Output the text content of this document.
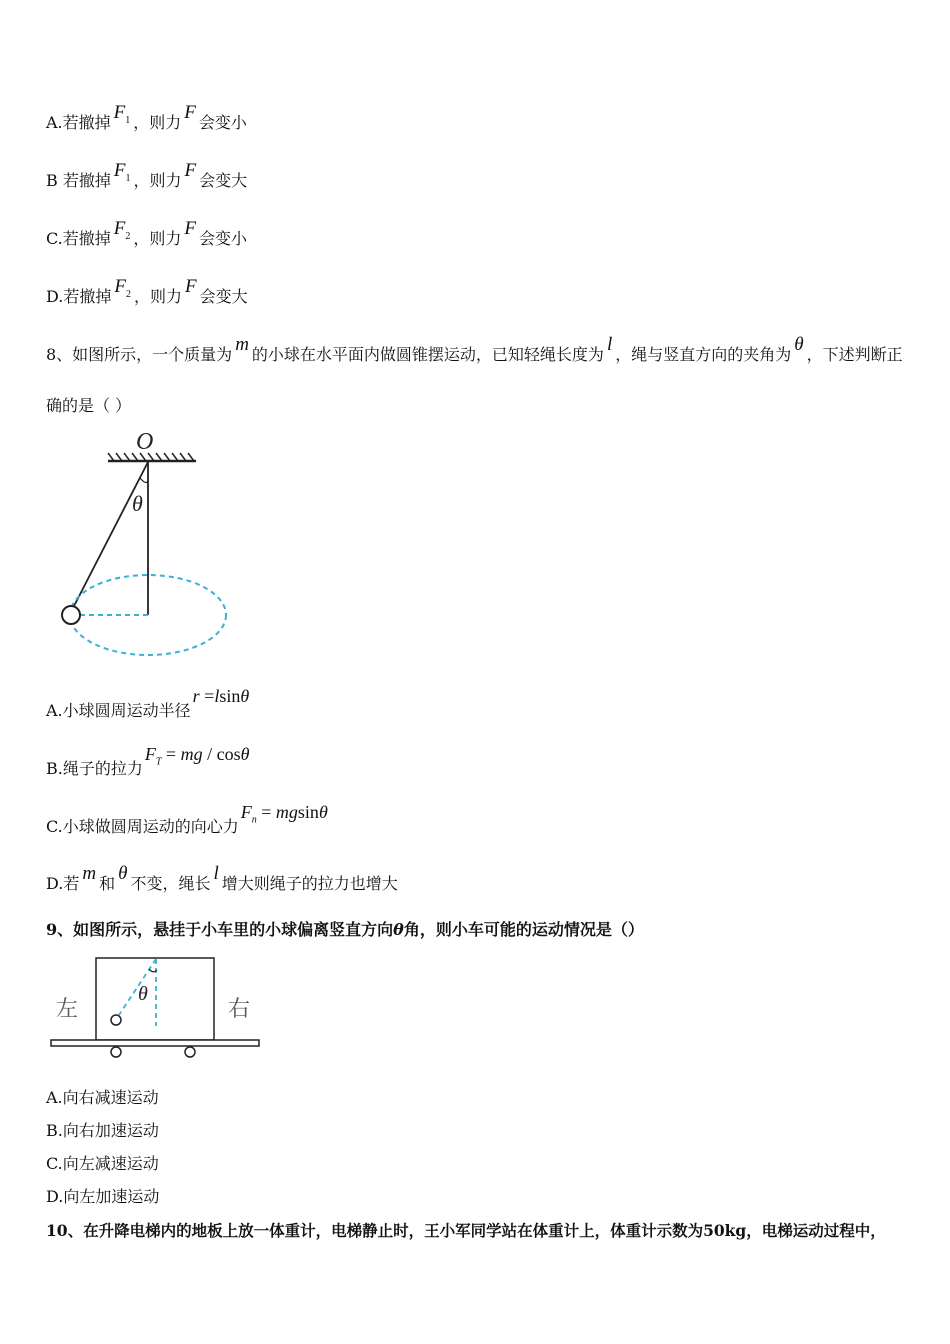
A.若撤掉 $F_1$ ，则力 F 会变小
B 若撤掉 $F_1$ ，则力 F 会变大
C.若撤掉 $F_2$ ，则力 F 会变小
D.若撤掉 $F_2$ ，则力 F 会变大
8、如图所示，一个质量为 m 的小球在水平面内做圆锥摆运动，已知轻绳长度为 l ，绳与竖直方向的夹角为 θ ，下述判断正
确的是（ ）
O
θ
A.小球圆周运动半径r =lsinθ
B.绳子的拉力$F_T$ = mg / cosθ
C.小球做圆周运动的向心力$F_n = mgsin\theta$
D.若 m 和 θ 不变，绳长 l 增大则绳子的拉力也增大
9、如图所示，悬挂于小车里的小球偏离竖直方向θ角，则小车可能的运动情况是（）
左	右
θ
A.向右减速运动
B.向右加速运动
C.向左减速运动
D.向左加速运动
10、在升降电梯内的地板上放一体重计，电梯静止时，王小军同学站在体重计上，体重计示数为50kg，电梯运动过程中，
